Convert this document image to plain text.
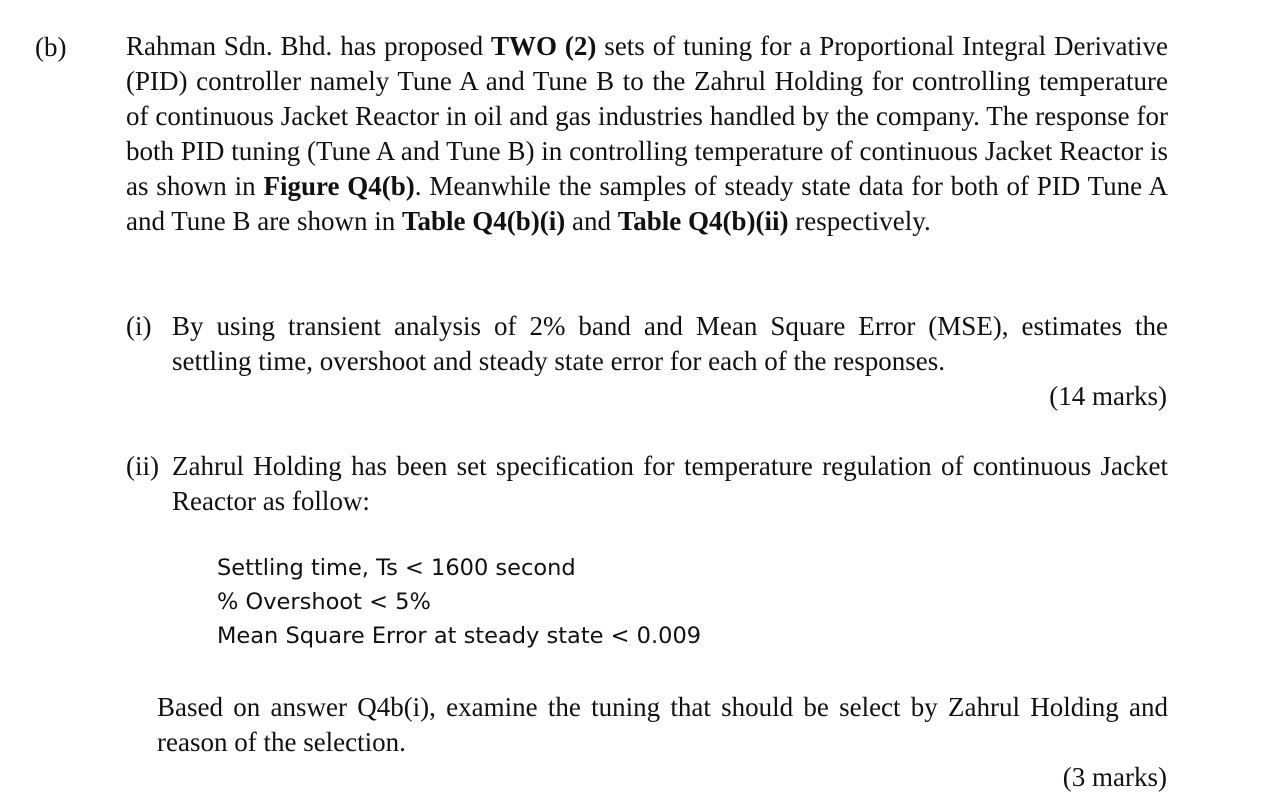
(b) Rahman Sdn. Bhd. has proposed TWO (2) sets of tuning for a Proportional Integral Derivative (PID) controller namely Tune A and Tune B to the Zahrul Holding for controlling temperature of continuous Jacket Reactor in oil and gas industries handled by the company. The response for both PID tuning (Tune A and Tune B) in controlling temperature of continuous Jacket Reactor is as shown in Figure Q4(b). Meanwhile the samples of steady state data for both of PID Tune A and Tune B are shown in Table Q4(b)(i) and Table Q4(b)(ii) respectively.
(i) By using transient analysis of 2% band and Mean Square Error (MSE), estimates the settling time, overshoot and steady state error for each of the responses.
(14 marks)
(ii) Zahrul Holding has been set specification for temperature regulation of continuous Jacket Reactor as follow:
Settling time, Ts < 1600 second
% Overshoot < 5%
Mean Square Error at steady state < 0.009
Based on answer Q4b(i), examine the tuning that should be select by Zahrul Holding and reason of the selection.
(3 marks)
